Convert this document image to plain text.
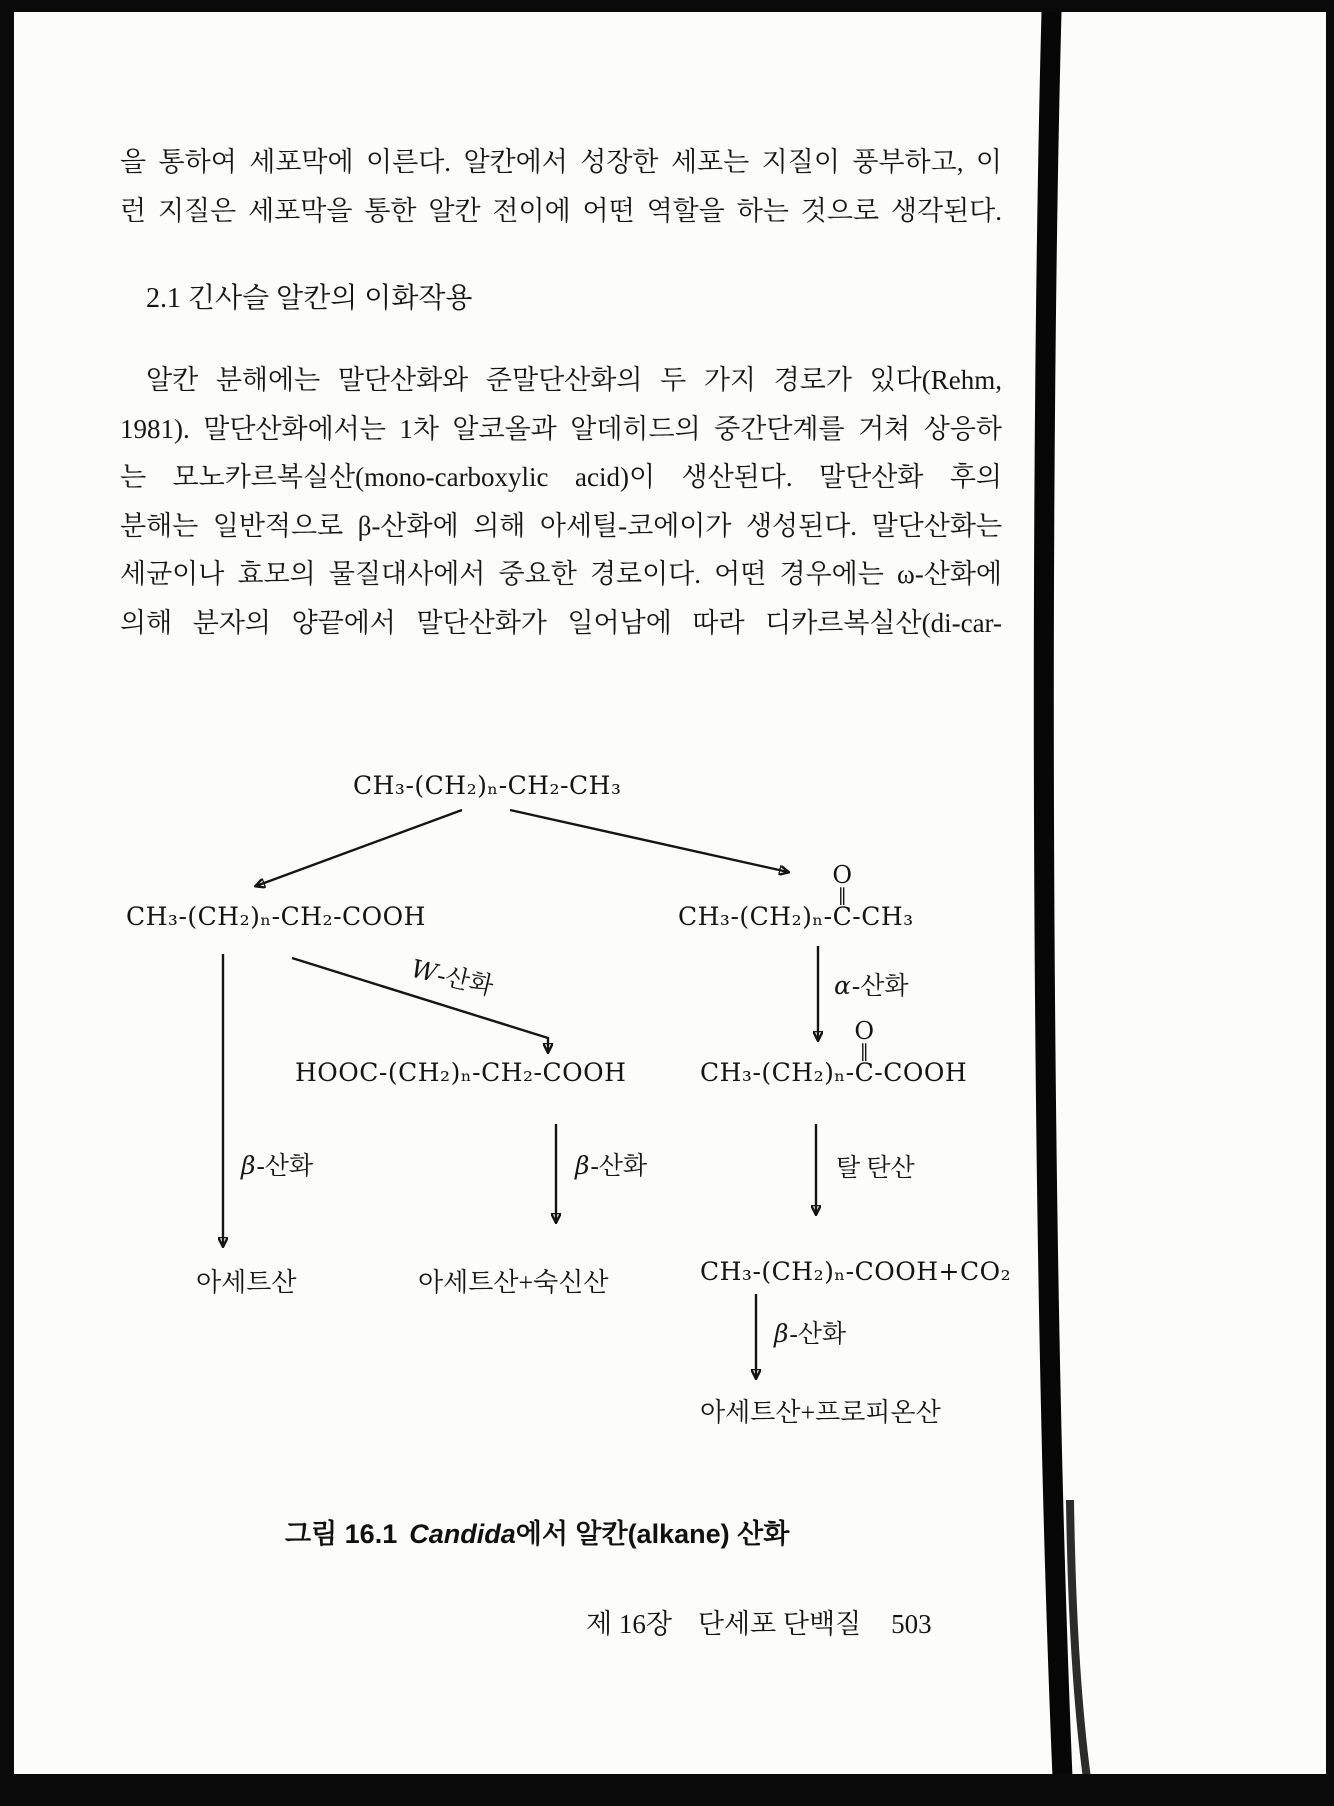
을 통하여 세포막에 이른다. 알칸에서 성장한 세포는 지질이 풍부하고, 이
런 지질은 세포막을 통한 알칸 전이에 어떤 역할을 하는 것으로 생각된다.
2.1 긴사슬 알칸의 이화작용
알칸 분해에는 말단산화와 준말단산화의 두 가지 경로가 있다(Rehm,
1981). 말단산화에서는 1차 알코올과 알데히드의 중간단계를 거쳐 상응하
는 모노카르복실산(mono-carboxylic acid)이 생산된다. 말단산화 후의
분해는 일반적으로 β-산화에 의해 아세틸-코에이가 생성된다. 말단산화는
세균이나 효모의 물질대사에서 중요한 경로이다. 어떤 경우에는 ω-산화에
의해 분자의 양끝에서 말단산화가 일어남에 따라 디카르복실산(di-car-
CH₃-(CH₂)ₙ-CH₂-CH₃
CH₃-(CH₂)ₙ-CH₂-COOH	CH₃-(CH₂)ₙ-
O
‖
C-CH₃
HOOC-(CH₂)ₙ-CH₂-COOH	CH₃-(CH₂)ₙ-
O
‖
C-COOH
W-산화	α-산화
β-산화	β-산화	탈 탄산
β-산화
아세트산	아세트산+숙신산	CH₃-(CH₂)ₙ-COOH+CO₂
아세트산+프로피온산
그림 16.1 Candida에서 알칸(alkane) 산화
제 16장 단세포 단백질 503
